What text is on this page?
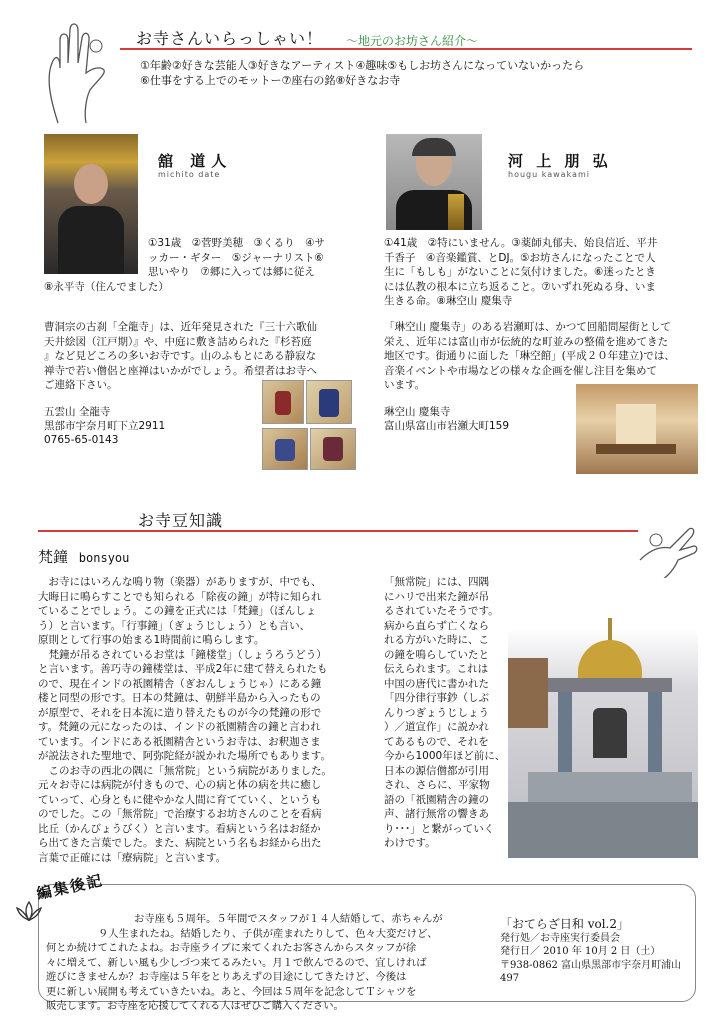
お寺さんいらっしゃい！ ～地元のお坊さん紹介～
①年齢②好きな芸能人③好きなアーティスト④趣味⑤もしお坊さんになっていないかったら
⑥仕事をする上でのモットー⑦座右の銘⑧好きなお寺
舘 道人
michito date
①31歳　②菅野美穂　③くるり　④サ
ッカー・ギター　⑤ジャーナリスト⑥
思いやり　⑦郷に入っては郷に従え
⑧永平寺（住んでました）
曹洞宗の古刹「全龍寺」は、近年発見された『三十六歌仙
天井絵図（江戸期）』や、中庭に敷き詰められた『杉苔庭
』など見どころの多いお寺です。山のふもとにある静寂な
禅寺で若い僧侶と座禅はいかがでしょう。希望者はお寺へ
ご連絡下さい。
五雲山 全龍寺
黒部市宇奈月町下立2911
0765-65-0143
河 上 朋 弘
hougu kawakami
①41歳　②特にいません。③薬師丸郁夫、始良信近、平井
千香子　④音楽鑑賞、とDJ。⑤お坊さんになったことで人
生に「もしも」がないことに気付けました。⑥迷ったとき
には仏教の根本に立ち返ること。⑦いずれ死ぬる身、いま
生きる命。⑧琳空山 慶集寺
「琳空山 慶集寺」のある岩瀬町は、かつて回船問屋街として
栄え、近年には富山市が伝統的な町並みの整備を進めてきた
地区です。街通りに面した「琳空館」(平成２０年建立)では、
音楽イベントや市場などの様々な企画を催し注目を集めて
います。
琳空山 慶集寺
富山県富山市岩瀬大町159
お寺豆知識
梵鐘 bonsyou
　お寺にはいろんな鳴り物（楽器）がありますが、中でも、
大晦日に鳴らすことでも知られる「除夜の鐘」が特に知られ
ていることでしょう。この鐘を正式には「梵鐘」（ぼんしょ
う）と言います。「行事鐘」（ぎょうじしょう）とも言い、
原則として行事の始まる1時間前に鳴らします。
　梵鐘が吊るされているお堂は「鐘楼堂」（しょうろうどう）
と言います。善巧寺の鐘楼堂は、平成2年に建て替えられたも
ので、現在インドの祇園精舎（ぎおんしょうじゃ）にある鐘
楼と同型の形です。日本の梵鐘は、朝鮮半島から入ったもの
が原型で、それを日本流に造り替えたものが今の梵鐘の形で
す。梵鐘の元になったのは、インドの祇園精舎の鐘と言われ
ています。インドにある祇園精舎というお寺は、お釈迦さま
が説法された聖地で、阿弥陀経が説かれた場所でもあります。
　このお寺の西北の隅に「無常院」という病院がありました。
元々お寺には病院が付きもので、心の病と体の病を共に癒し
ていって、心身ともに健やかな人間に育てていく、というも
のでした。この「無常院」で治療するお坊さんのことを看病
比丘（かんびょうびく）と言います。看病という名はお経か
ら出てきた言葉でした。また、病院という名もお経から出た
言葉で正確には「療病院」と言います。
「無常院」には、四隅
にハリで出来た鐘が吊
るされていたそうです。
病から直らず亡くなら
れる方がいた時に、こ
の鐘を鳴らしていたと
伝えられます。これは
中国の唐代に書かれた
「四分律行事鈔（しぶ
んりつぎょうじしょう
）／道宣作」に説かれ
てあるもので、それを
今から1000年ほど前に、
日本の源信僧都が引用
され、さらに、平家物
語の「祇園精舎の鐘の
声、諸行無常の響きあ
り･･･」と繋がっていく
わけです。
編集後記
お寺座も５周年。５年間でスタッフが１４人結婚して、赤ちゃんが
９人生まれたね。結婚したり、子供が産まれたりして、色々大変だけど、
何とか続けてこれたよね。お寺座ライブに来てくれたお客さんからスタッフが徐
々に増えて、新しい風も少しづつ来てるみたい。月１で飲んでるので、宜しければ
遊びにきませんか？お寺座は５年をとりあえずの目途にしてきたけど、今後は
更に新しい展開も考えていきたいね。あと、今回は５周年を記念してＴシャツを
販売します。お寺座を応援してくれる人はぜひご購入ください。
「おてらざ日和 vol.2」
発行処／お寺座実行委員会
発行日／ 2010 年 10月 2 日（土）
〒938-0862 富山県黒部市宇奈月町浦山
497
